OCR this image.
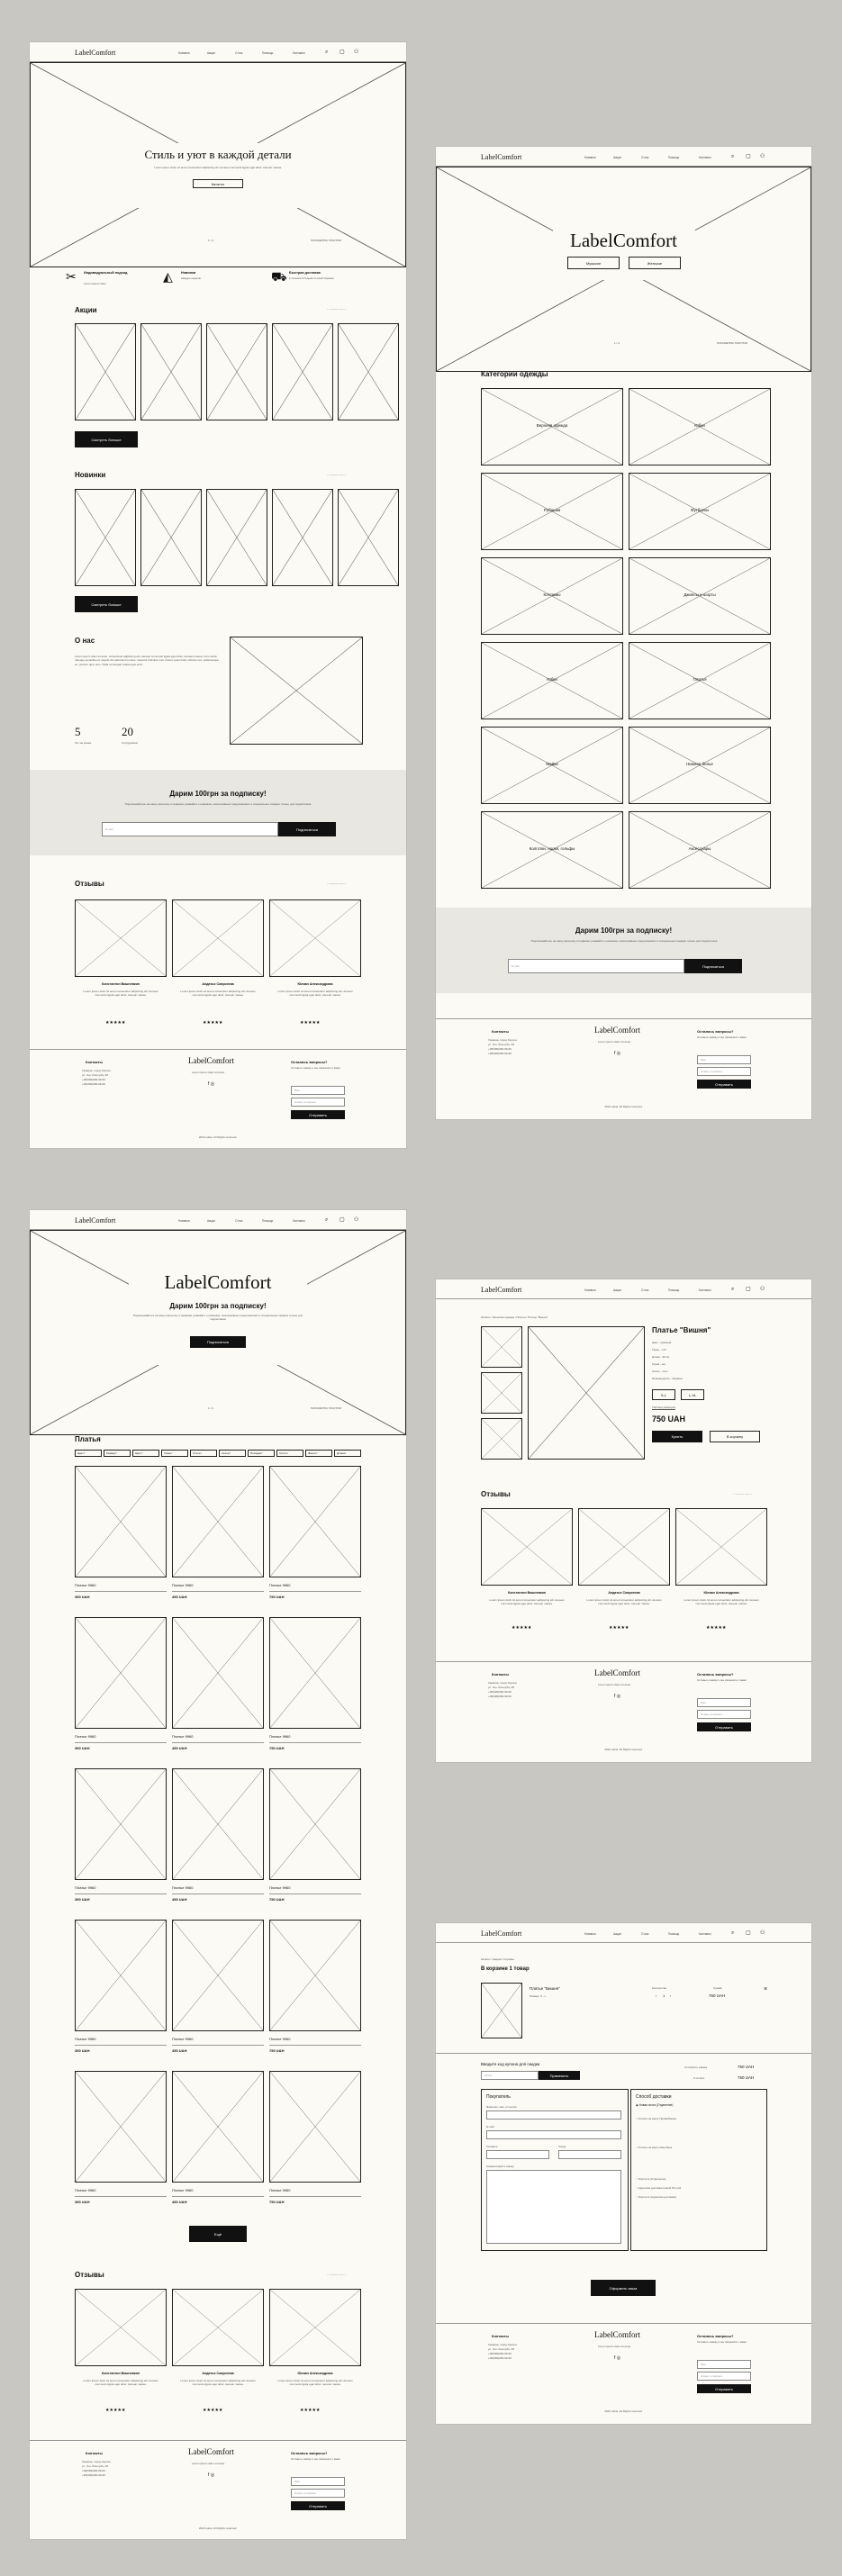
LabelComfort	Новинки	Акции	О нас	Помощь	Контакты	⌕ ▢ ⚇
Стиль и уют в каждой детали
Lorem ipsum dolor sit amet consectetur adipiscing elit. Aenean commodo ligula eget dolor. Aenean massa.
Каталог
1 / 4	ПАРАМЕТРЫ ПОКУПКИ
✂ Индивидуальный подход
Lorem ipsum dolor	◭ Новинки
каждую неделю	⛟ Быстрая доставка
в течение 3-5 дней по всей Украине
Акции	←——— ——→
Смотреть больше
Новинки	←——— ——→
Смотреть больше
О нас
Lorem ipsum dolor sit amet, consectetur adipiscing elit. Aenean commodo ligula eget dolor. Aenean massa. Cum sociis natoque penatibus et magnis dis parturient montes, nascetur ridiculus mus. Donec quam felis, ultricies nec, pellentesque eu, pretium quis, sem. Nulla consequat massa quis enim.
5
Лет на рынке
20
Сотрудников
Дарим 100грн за подписку!
Подписывайтесь на нашу рассылку и первыми узнавайте о новинках, эксклюзивных предложениях и специальных скидках только для подписчиков
E-mail	Подписаться
Отзывы	←——— ——→
Константин Вишневкин	Андатья Соврогова	Юлиан Александрова
Lorem ipsum dolor sit amet consectetur adipiscing elit. Aenean commodo ligula eget dolor. Aenean massa.
Lorem ipsum dolor sit amet consectetur adipiscing elit. Aenean commodo ligula eget dolor. Aenean massa.
Lorem ipsum dolor sit amet consectetur adipiscing elit. Aenean commodo ligula eget dolor. Aenean massa.
★★★★★	★★★★★	★★★★★
Контакты
Украина, город Херсон
ул. Ген. Лизогуба, 38
+38(099)999-99-99
+38(099)999-99-99
LabelComfort
Lorem ipsum dolor sit amet
f ◎
Остались вопросы?
Оставьте заявку и мы свяжемся с вами
Имя
Номер телефона
Отправить
2023 Label. All Rights reserved.
LabelComfort	Новинки	Акции	О нас	Помощь	Контакты	⌕ ▢ ⚇
LabelComfort
Мужское	Женское
1 / 4	ПАРАМЕТРЫ ПОКУПКИ
Категории одежды
Верхняя одежда	Юбки
Рубашки	Футболки
Костюмы	Джинсы и шорты
Юбки	Платья
Майки	Нижнее белье
Колготки, носки, гольфы	Аксессуары
Дарим 100грн за подписку!
Подписывайтесь на нашу рассылку и первыми узнавайте о новинках, эксклюзивных предложениях и специальных скидках только для подписчиков
E-mail	Подписаться
Контакты
Украина, город Херсон
ул. Ген. Лизогуба, 38
+38(099)999-99-99
+38(099)999-99-99
LabelComfort
Lorem ipsum dolor sit amet
f ◎
Остались вопросы?
Оставьте заявку и мы свяжемся с вами
Имя
Номер телефона
Отправить
2023 Label. All Rights reserved.
LabelComfort	Новинки	Акции	О нас	Помощь	Контакты	⌕ ▢ ⚇
LabelComfort
Дарим 100грн за подписку!
Подписывайтесь на нашу рассылку и первыми узнавайте о новинках, эксклюзивных предложениях и специальных скидках только для подписчиков
Подписаться
1 / 4	ПАРАМЕТРЫ ПОКУПКИ
Платья
Цвет ˅	Размер ˅	Цвет ˅	Ткань ˅	Стиль ˅	Сезон ˅	Посадка ˅	Стиль ˅	Фасон ˅	Длина ˅
Платье 9960
390 UAH
Платье 9960
450 UAH
Платье 9960
750 UAH
Платье 9960
390 UAH
Платье 9960
450 UAH
Платье 9960
750 UAH
Платье 9960
390 UAH
Платье 9960
450 UAH
Платье 9960
750 UAH
Платье 9960
390 UAH
Платье 9960
450 UAH
Платье 9960
750 UAH
Платье 9960
390 UAH
Платье 9960
450 UAH
Платье 9960
750 UAH
Ещё
Отзывы	←——— ——→
Константин Вишневкин	Андатья Соврогова	Юлиан Александрова
Lorem ipsum dolor sit amet consectetur adipiscing elit. Aenean commodo ligula eget dolor. Aenean massa.
Lorem ipsum dolor sit amet consectetur adipiscing elit. Aenean commodo ligula eget dolor. Aenean massa.
Lorem ipsum dolor sit amet consectetur adipiscing elit. Aenean commodo ligula eget dolor. Aenean massa.
★★★★★	★★★★★	★★★★★
Контакты
Украина, город Херсон
ул. Ген. Лизогуба, 38
+38(099)999-99-99
+38(099)999-99-99
LabelComfort
Lorem ipsum dolor sit amet
f ◎
Остались вопросы?
Оставьте заявку и мы свяжемся с вами
Имя
Номер телефона
Отправить
2023 Label. All Rights reserved.
LabelComfort	Новинки	Акции	О нас	Помощь	Контакты	⌕ ▢ ⚇
Каталог / Женская одежда / Платья / Платье "Вишня"
Платье "Вишня"
Цвет - красный
Ткань - хлб
Длина - 90 см
Рукав - нет
Сезон - лето
Производство - Украина
S-L	L-XL
Таблица размеров
750 UAH
Купить	В корзину
Отзывы	←——— ——→
Константин Вишневкин	Андатья Соврогова	Юлиан Александрова
Lorem ipsum dolor sit amet consectetur adipiscing elit. Aenean commodo ligula eget dolor. Aenean massa.
Lorem ipsum dolor sit amet consectetur adipiscing elit. Aenean commodo ligula eget dolor. Aenean massa.
Lorem ipsum dolor sit amet consectetur adipiscing elit. Aenean commodo ligula eget dolor. Aenean massa.
★★★★★	★★★★★	★★★★★
Контакты
Украина, город Херсон
ул. Ген. Лизогуба, 38
+38(099)999-99-99
+38(099)999-99-99
LabelComfort
Lorem ipsum dolor sit amet
f ◎
Остались вопросы?
Оставьте заявку и мы свяжемся с вами
Имя
Номер телефона
Отправить
2023 Label. All Rights reserved.
LabelComfort	Новинки	Акции	О нас	Помощь	Контакты	⌕ ▢ ⚇
Каталог товаров / Корзина
В корзине 1 товар
Платье "Вишня"
Размер: S - L
Количество
‹ 1 ›
Сумма
750 UAH
×
Введите код купона для скидки
Купон	Применить
Стоимость заказа	750 UAH
К оплате	750 UAH
Покупатель
Фамилия, имя, отчество
E-mail
Телефон	Город
Комментарий к заказу
Способ доставки
◉ Новая почта (Отделение)
○ Оплата на карту ПриватБанка
○ Оплата на карту Монобанк
○ Укрпочта (Отделение)
○ Адресная доставка Новой Почтой
○ Укрпочта (Адресная доставка)
Оформить заказ
Контакты
Украина, город Херсон
ул. Ген. Лизогуба, 38
+38(099)999-99-99
+38(099)999-99-99
LabelComfort
Lorem ipsum dolor sit amet
f ◎
Остались вопросы?
Оставьте заявку и мы свяжемся с вами
Имя
Номер телефона
Отправить
2023 Label. All Rights reserved.
